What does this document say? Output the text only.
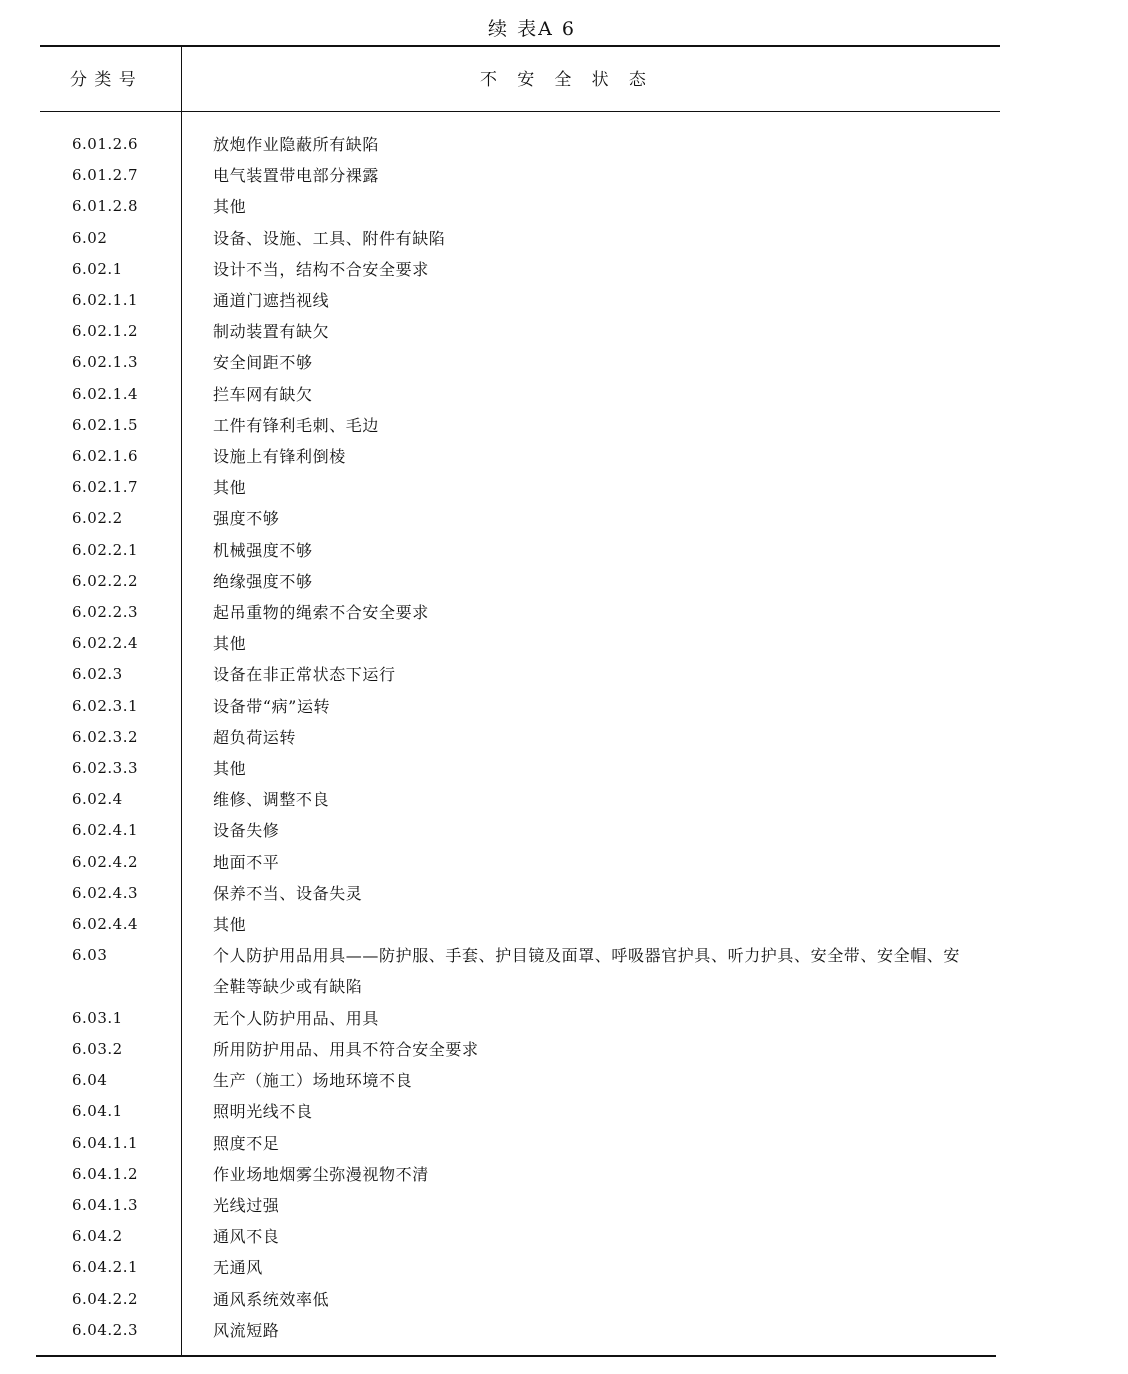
续 表A 6
分 类 号	不   安   全   状   态
6.01.2.6	放炮作业隐蔽所有缺陷
6.01.2.7	电气装置带电部分裸露
6.01.2.8	其他
6.02	设备、设施、工具、附件有缺陷
6.02.1	设计不当，结构不合安全要求
6.02.1.1	通道门遮挡视线
6.02.1.2	制动装置有缺欠
6.02.1.3	安全间距不够
6.02.1.4	拦车网有缺欠
6.02.1.5	工件有锋利毛刺、毛边
6.02.1.6	设施上有锋利倒棱
6.02.1.7	其他
6.02.2	强度不够
6.02.2.1	机械强度不够
6.02.2.2	绝缘强度不够
6.02.2.3	起吊重物的绳索不合安全要求
6.02.2.4	其他
6.02.3	设备在非正常状态下运行
6.02.3.1	设备带“病”运转
6.02.3.2	超负荷运转
6.02.3.3	其他
6.02.4	维修、调整不良
6.02.4.1	设备失修
6.02.4.2	地面不平
6.02.4.3	保养不当、设备失灵
6.02.4.4	其他
6.03	个人防护用品用具——防护服、手套、护目镜及面罩、呼吸器官护具、听力护具、安全带、安全帽、安全鞋等缺少或有缺陷
6.03.1	无个人防护用品、用具
6.03.2	所用防护用品、用具不符合安全要求
6.04	生产（施工）场地环境不良
6.04.1	照明光线不良
6.04.1.1	照度不足
6.04.1.2	作业场地烟雾尘弥漫视物不清
6.04.1.3	光线过强
6.04.2	通风不良
6.04.2.1	无通风
6.04.2.2	通风系统效率低
6.04.2.3	风流短路
